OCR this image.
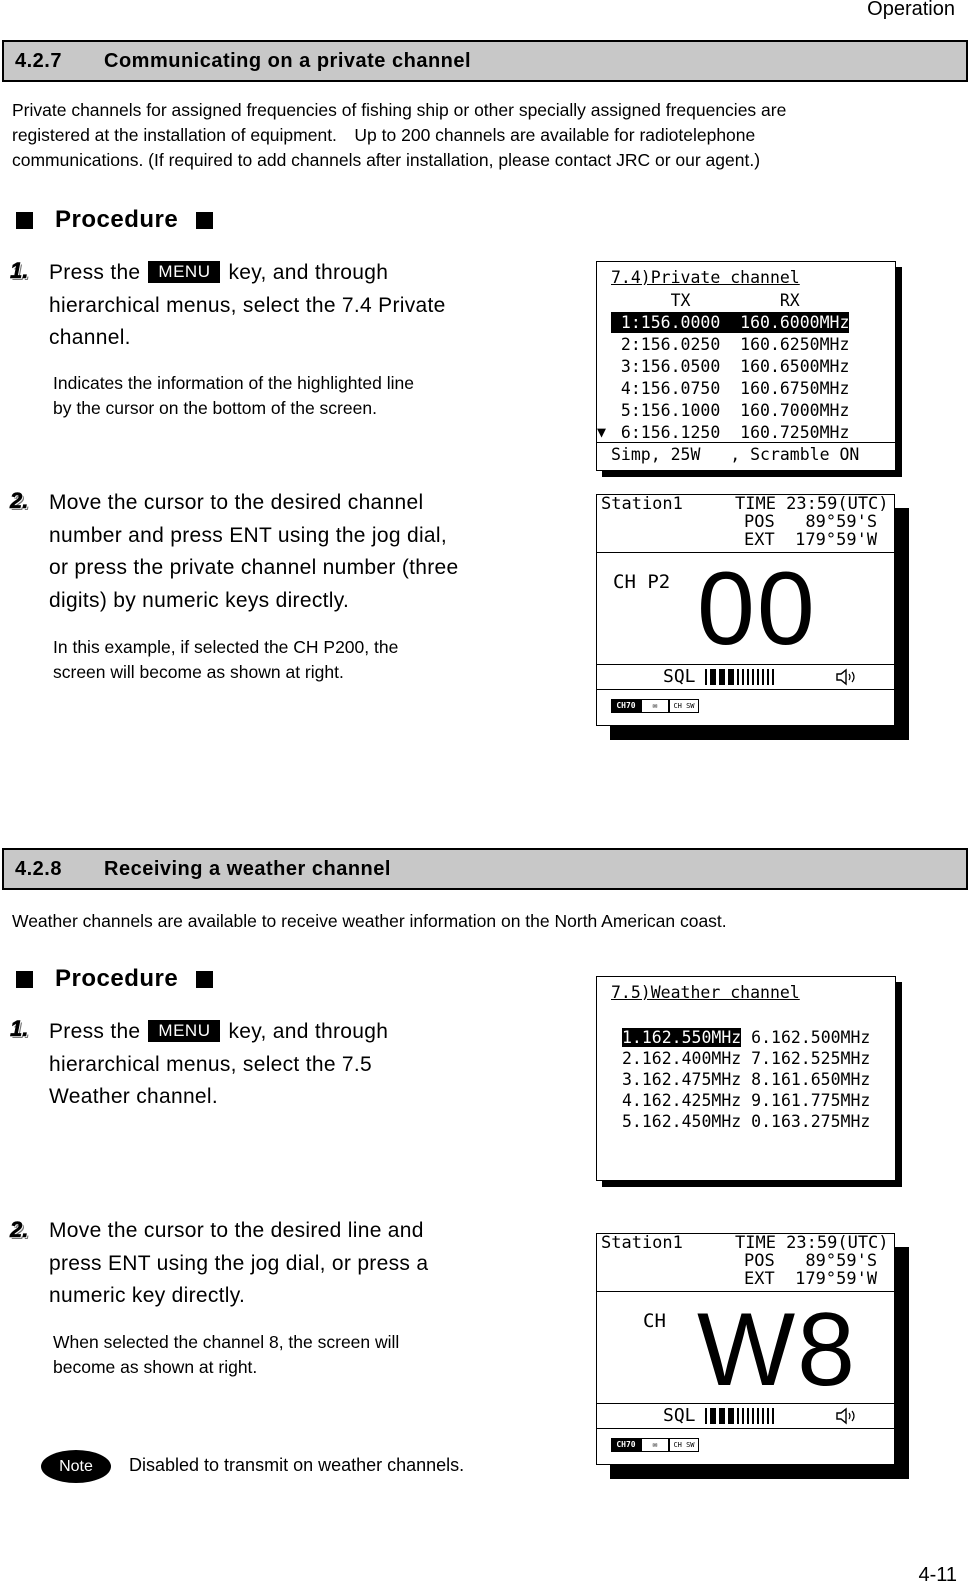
Operation
4-11
4.2.7	Communicating on a private channel
Private channels for assigned frequencies of fishing ship or other specially assigned frequencies are
registered at the installation of equipment.　Up to 200 channels are available for radiotelephone
communications. (If required to add channels after installation, please contact JRC or our agent.)
Procedure
1. Press the MENU key, and through
hierarchical menus, select the 7.4 Private
channel.
Indicates the information of the highlighted line
by the cursor on the bottom of the screen.
7.4)Private channel
TX         RX
1:156.0000  160.6000MHz
2:156.0250  160.6250MHz
3:156.0500  160.6500MHz
4:156.0750  160.6750MHz
5:156.1000  160.7000MHz
6:156.1250  160.7250MHz
▼
Simp, 25W   , Scramble ON
2. Move the cursor to the desired channel
number and press ENT using the jog dial,
or press the private channel number (three
digits) by numeric keys directly.
In this example, if selected the CH P200, the
screen will become as shown at right.
Station1	TIME 23:59(UTC)
POS   89°59'S
EXT  179°59'W
CH P2 00
SQL
CH70 ✉ CH SW
4.2.8	Receiving a weather channel
Weather channels are available to receive weather information on the North American coast.
Procedure
1. Press the MENU key, and through
hierarchical menus, select the 7.5
Weather channel.
7.5)Weather channel
1.162.550MHz 6.162.500MHz
2.162.400MHz 7.162.525MHz
3.162.475MHz 8.161.650MHz
4.162.425MHz 9.161.775MHz
5.162.450MHz 0.163.275MHz
2. Move the cursor to the desired line and
press ENT using the jog dial, or press a
numeric key directly.
When selected the channel 8, the screen will
become as shown at right.
Station1	TIME 23:59(UTC)
POS   89°59'S
EXT  179°59'W
CH W8
SQL
CH70 ✉ CH SW
Note	Disabled to transmit on weather channels.
